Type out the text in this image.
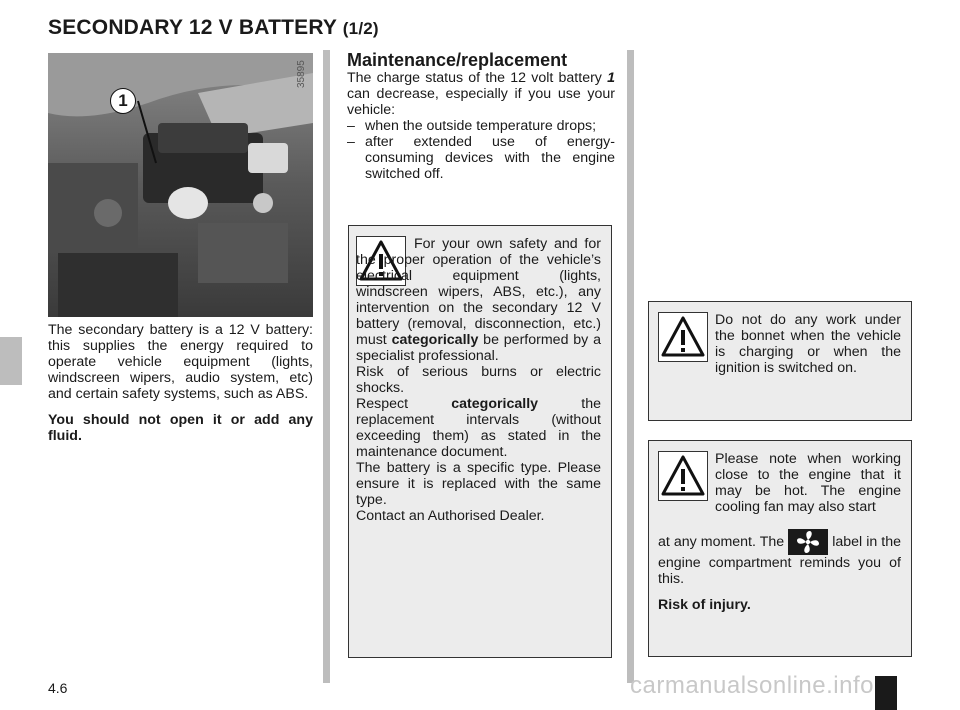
SECONDARY 12 V BATTERY (1/2)
1
35895

The secondary battery is a 12 V battery: this supplies the energy required to operate vehicle equipment (lights, windscreen wipers, audio system, etc) and certain safety systems, such as ABS.

You should not open it or add any fluid.

Maintenance/replacement

The charge status of the 12 volt battery 1 can decrease, especially if you use your vehicle:

– when the outside temperature drops;
– after extended use of energy-consuming devices with the engine switched off.

For your own safety and for the proper operation of the vehicle’s electrical equipment (lights, windscreen wipers, ABS, etc.), any intervention on the secondary 12 V battery (removal, disconnection, etc.) must categorically be performed by a specialist professional.

Risk of serious burns or electric shocks.

Respect categorically the replacement intervals (without exceeding them) as stated in the maintenance document.

The battery is a specific type. Please ensure it is replaced with the same type.

Contact an Authorised Dealer.

Do not do any work under the bonnet when the vehicle is charging or when the ignition is switched on.
Please note when working close to the engine that it may be hot. The engine cooling fan may also start

at any moment. The	label in the engine compartment reminds you of this.

Risk of injury.

4.6	carmanualsonline.info
